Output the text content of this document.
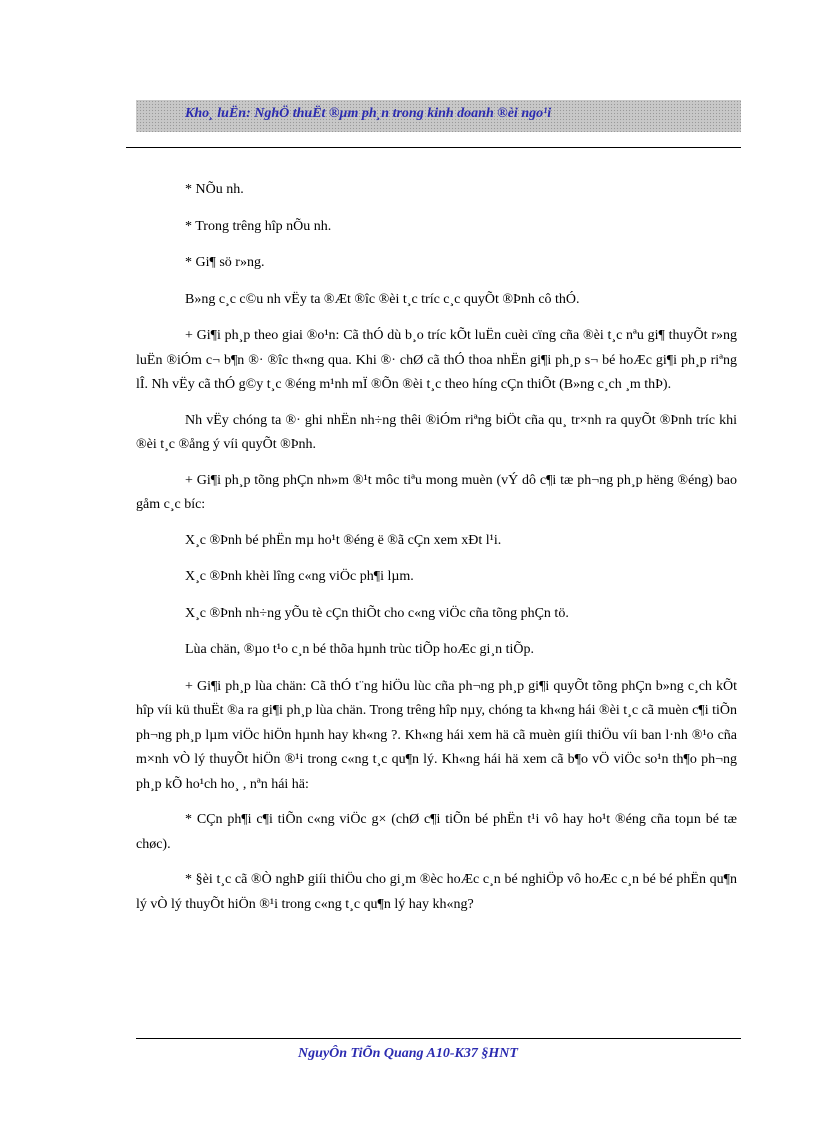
Kho¸ luËn: NghÖ thuËt ®µm ph¸n trong kinh doanh ®èi ngo¹i

* NÕu nh.

* Trong trêng hîp nÕu nh.

* Gi¶ sö r»ng.

B»ng c¸c c©u nh vËy ta ®Æt ®îc ®èi t¸c tríc c¸c quyÕt ®Þnh cô thÓ.

+ Gi¶i ph¸p theo giai ®o¹n: Cã thÓ dù b¸o tríc kÕt luËn cuèi cïng cña ®èi t¸c nªu gi¶ thuyÕt r»ng luËn ®iÓm c¬ b¶n ®· ®îc th«ng qua. Khi ®· chØ cã thÓ thoa nhËn gi¶i ph¸p s¬ bé hoÆc gi¶i ph¸p riªng lÎ. Nh vËy cã thÓ g©y t¸c ®éng m¹nh mÏ ®Õn ®èi t¸c theo híng cÇn thiÕt (B»ng c¸ch ¸m thÞ).

Nh vËy chóng ta ®· ghi nhËn nh÷ng thêi ®iÓm riªng biÖt cña qu¸ tr×nh ra quyÕt ®Þnh tríc khi ®èi t¸c ®ång ý víi quyÕt ®Þnh.

+ Gi¶i ph¸p tõng phÇn nh»m ®¹t môc tiªu mong muèn (vÝ dô c¶i tæ ph¬ng ph¸p hëng ®éng) bao gåm c¸c bíc:

X¸c ®Þnh bé phËn mµ ho¹t ®éng ë ®ã cÇn xem xÐt l¹i.

X¸c ®Þnh khèi lîng c«ng viÖc ph¶i lµm.

X¸c ®Þnh nh÷ng yÕu tè cÇn thiÕt cho c«ng viÖc cña tõng phÇn tö.

Lùa chän, ®µo t¹o c¸n bé thõa hµnh trùc tiÕp hoÆc gi¸n tiÕp.

+ Gi¶i ph¸p lùa chän: Cã thÓ t¨ng hiÖu lùc cña ph¬ng ph¸p gi¶i quyÕt tõng phÇn b»ng c¸ch kÕt hîp víi kü thuËt ®a ra gi¶i ph¸p lùa chän. Trong trêng hîp nµy, chóng ta kh«ng hái ®èi t¸c cã muèn c¶i tiÕn ph¬ng ph¸p lµm viÖc hiÖn hµnh hay kh«ng ?. Kh«ng hái xem hä cã muèn giíi thiÖu víi ban l·nh ®¹o cña m×nh vÒ lý thuyÕt hiÖn ®¹i trong c«ng t¸c qu¶n lý. Kh«ng hái hä xem cã b¶o vÖ viÖc so¹n th¶o ph¬ng ph¸p kÕ ho¹ch ho¸ , nªn hái hä:

* CÇn ph¶i c¶i tiÕn c«ng viÖc g× (chØ c¶i tiÕn bé phËn t¹i vô hay ho¹t ®éng cña toµn bé tæ chøc).

* §èi t¸c cã ®Ò nghÞ giíi thiÖu cho gi¸m ®èc hoÆc c¸n bé nghiÖp vô hoÆc c¸n bé bé phËn qu¶n lý vÒ lý thuyÕt hiÖn ®¹i trong c«ng t¸c qu¶n lý hay kh«ng?

NguyÔn TiÕn Quang A10-K37 §HNT
